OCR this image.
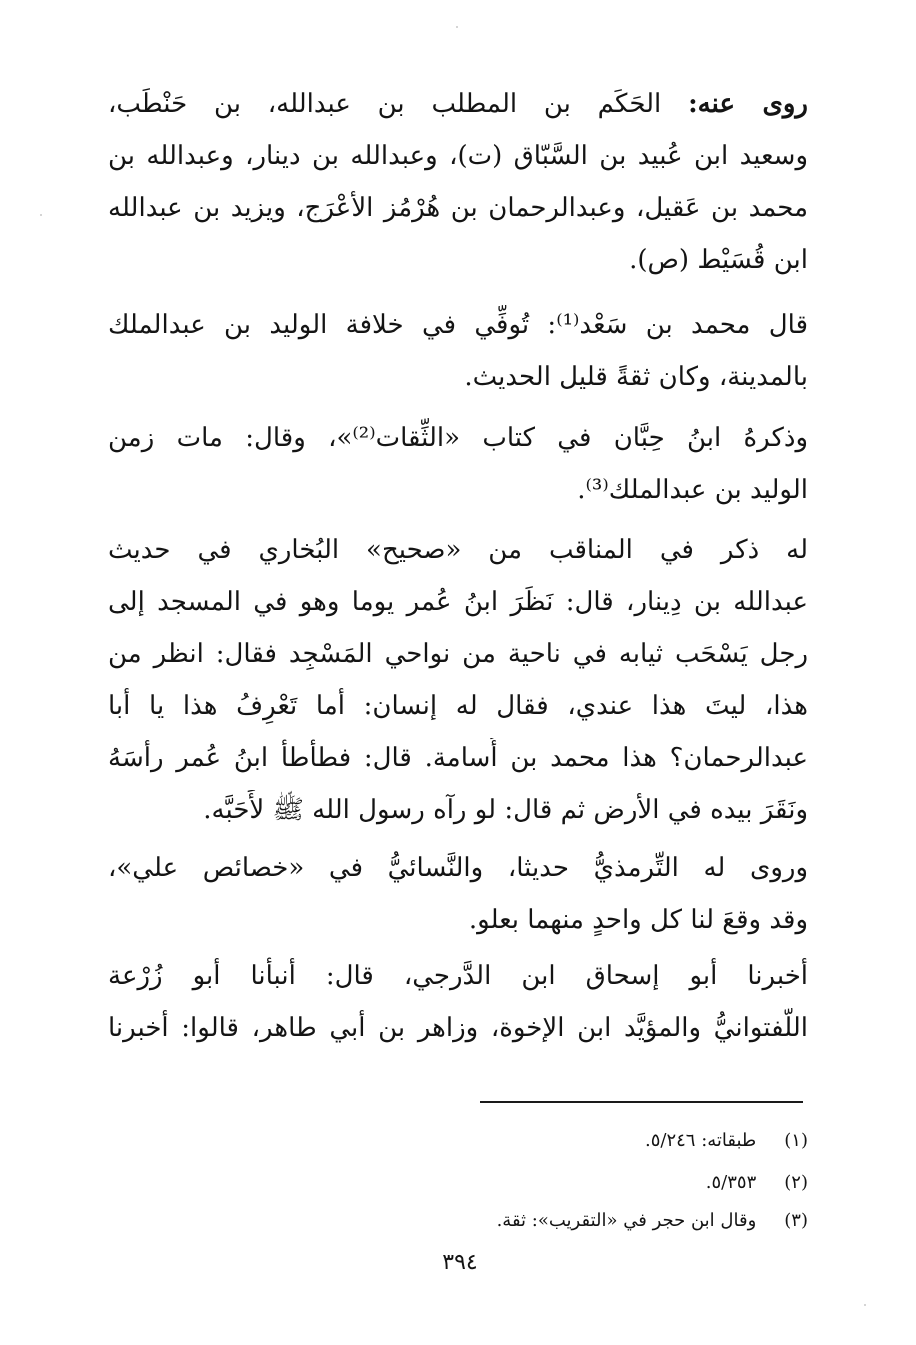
روى عنه: الحَكَم بن المطلب بن عبدالله، بن حَنْطَب،
وسعيد ابن عُبيد بن السَّبّاق (ت)، وعبدالله بن دينار، وعبدالله بن
محمد بن عَقيل، وعبدالرحمان بن هُرْمُز الأعْرَج، ويزيد بن عبدالله
ابن قُسَيْط (ص).
قال محمد بن سَعْد⁽¹⁾: تُوفِّي في خلافة الوليد بن عبدالملك
بالمدينة، وكان ثقةً قليل الحديث.
وذكرهُ ابنُ حِبَّان في كتاب «الثِّقات⁽²⁾»، وقال: مات زمن
الوليد بن عبدالملك⁽³⁾.
له ذكر في المناقب من «صحيح» البُخاري في حديث
عبدالله بن دِينار، قال: نَظَرَ ابنُ عُمر يوما وهو في المسجد إلى
رجل يَسْحَب ثيابه في ناحية من نواحي المَسْجِد فقال: انظر من
هذا، ليتَ هذا عندي، فقال له إنسان: أما تَعْرِفُ هذا يا أبا
عبدالرحمان؟ هذا محمد بن أُسامة. قال: فطأطأ ابنُ عُمر رأسَهُ
ونَقَرَ بيده في الأرض ثم قال: لو رآه رسول الله ﷺ لأَحَبَّه.
وروى له التِّرمذيُّ حديثا، والنَّسائيُّ في «خصائص علي»،
وقد وقعَ لنا كل واحدٍ منهما بعلو.
أخبرنا أبو إسحاق ابن الدَّرجي، قال: أنبأنا أبو زُرْعة
اللَّفتوانيُّ والمؤيَّد ابن الإخوة، وزاهر بن أبي طاهر، قالوا: أخبرنا
(١) طبقاته: ٥/٢٤٦.
(٢) ٥/٣٥٣.
(٣) وقال ابن حجر في «التقريب»: ثقة.
٣٩٤
